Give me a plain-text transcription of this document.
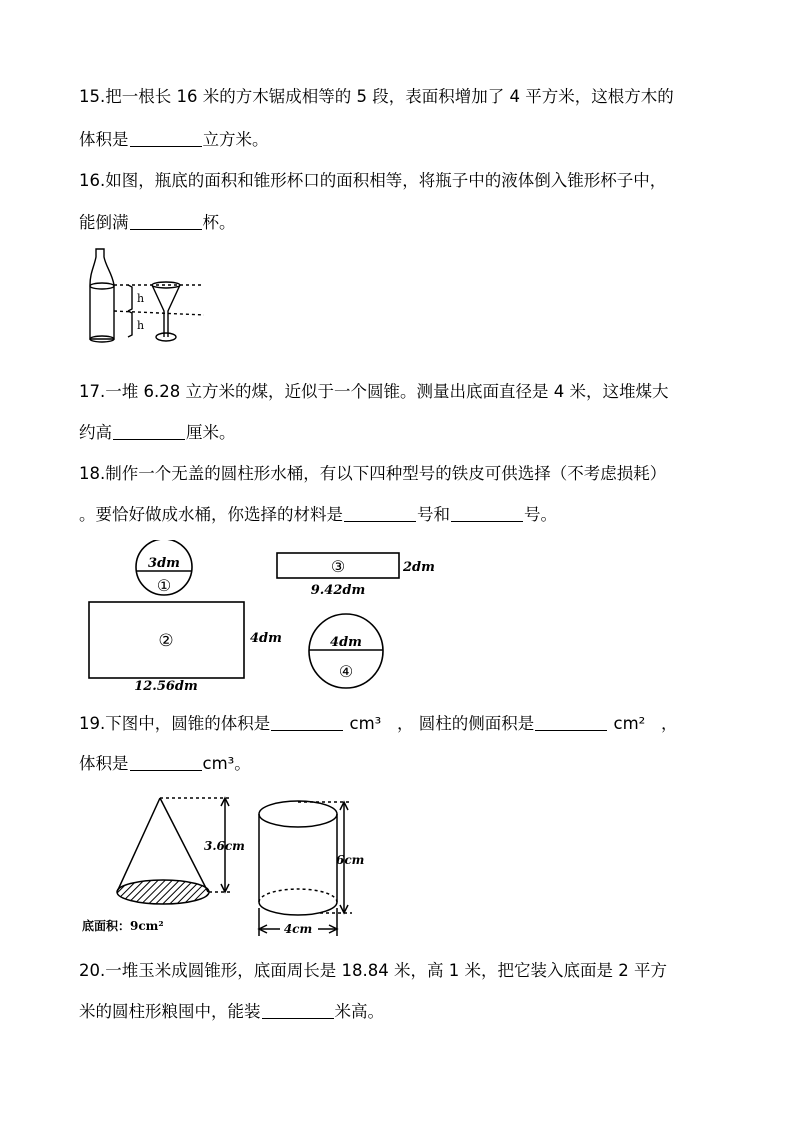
15.把一根长 16 米的方木锯成相等的 5 段，表面积增加了 4 平方米，这根方木的
体积是	立方米。
16.如图，瓶底的面积和锥形杯口的面积相等，将瓶子中的液体倒入锥形杯子中，
能倒满	杯。
h
h
17.一堆 6.28 立方米的煤，近似于一个圆锥。测量出底面直径是 4 米，这堆煤大
约高	厘米。
18.制作一个无盖的圆柱形水桶，有以下四种型号的铁皮可供选择（不考虑损耗）
。要恰好做成水桶，你选择的材料是	号和	号。
3dm
①
②	4dm
12.56dm
③	2dm
9.42dm
4dm
④
19.下图中，圆锥的体积是	cm³ ， 圆柱的侧面积是	cm² ，
体积是	cm³。
3.6cm
底面积：9cm²
6cm
4cm
20.一堆玉米成圆锥形，底面周长是 18.84 米，高 1 米，把它装入底面是 2 平方
米的圆柱形粮囤中，能装	米高。
